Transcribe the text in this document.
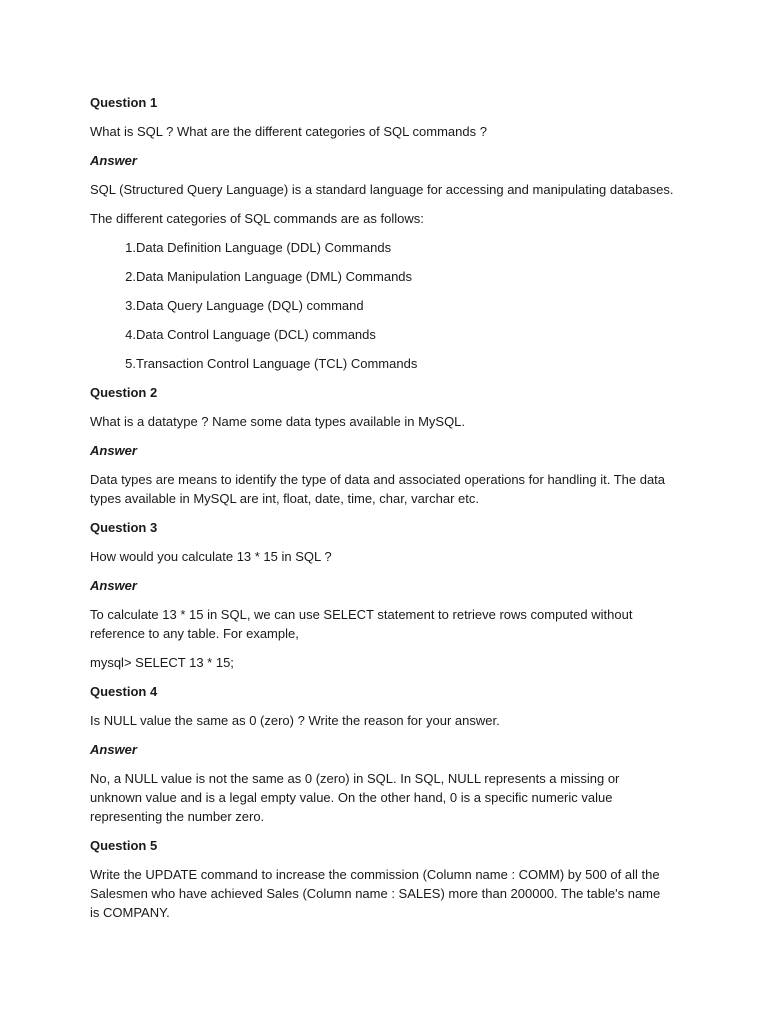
Question 1
What is SQL ? What are the different categories of SQL commands ?
Answer
SQL (Structured Query Language) is a standard language for accessing and manipulating databases.
The different categories of SQL commands are as follows:
1. Data Definition Language (DDL) Commands
2. Data Manipulation Language (DML) Commands
3. Data Query Language (DQL) command
4. Data Control Language (DCL) commands
5. Transaction Control Language (TCL) Commands
Question 2
What is a datatype ? Name some data types available in MySQL.
Answer
Data types are means to identify the type of data and associated operations for handling it. The data types available in MySQL are int, float, date, time, char, varchar etc.
Question 3
How would you calculate 13 * 15 in SQL ?
Answer
To calculate 13 * 15 in SQL, we can use SELECT statement to retrieve rows computed without reference to any table. For example,
mysql> SELECT 13 * 15;
Question 4
Is NULL value the same as 0 (zero) ? Write the reason for your answer.
Answer
No, a NULL value is not the same as 0 (zero) in SQL. In SQL, NULL represents a missing or unknown value and is a legal empty value. On the other hand, 0 is a specific numeric value representing the number zero.
Question 5
Write the UPDATE command to increase the commission (Column name : COMM) by 500 of all the Salesmen who have achieved Sales (Column name : SALES) more than 200000. The table's name is COMPANY.
